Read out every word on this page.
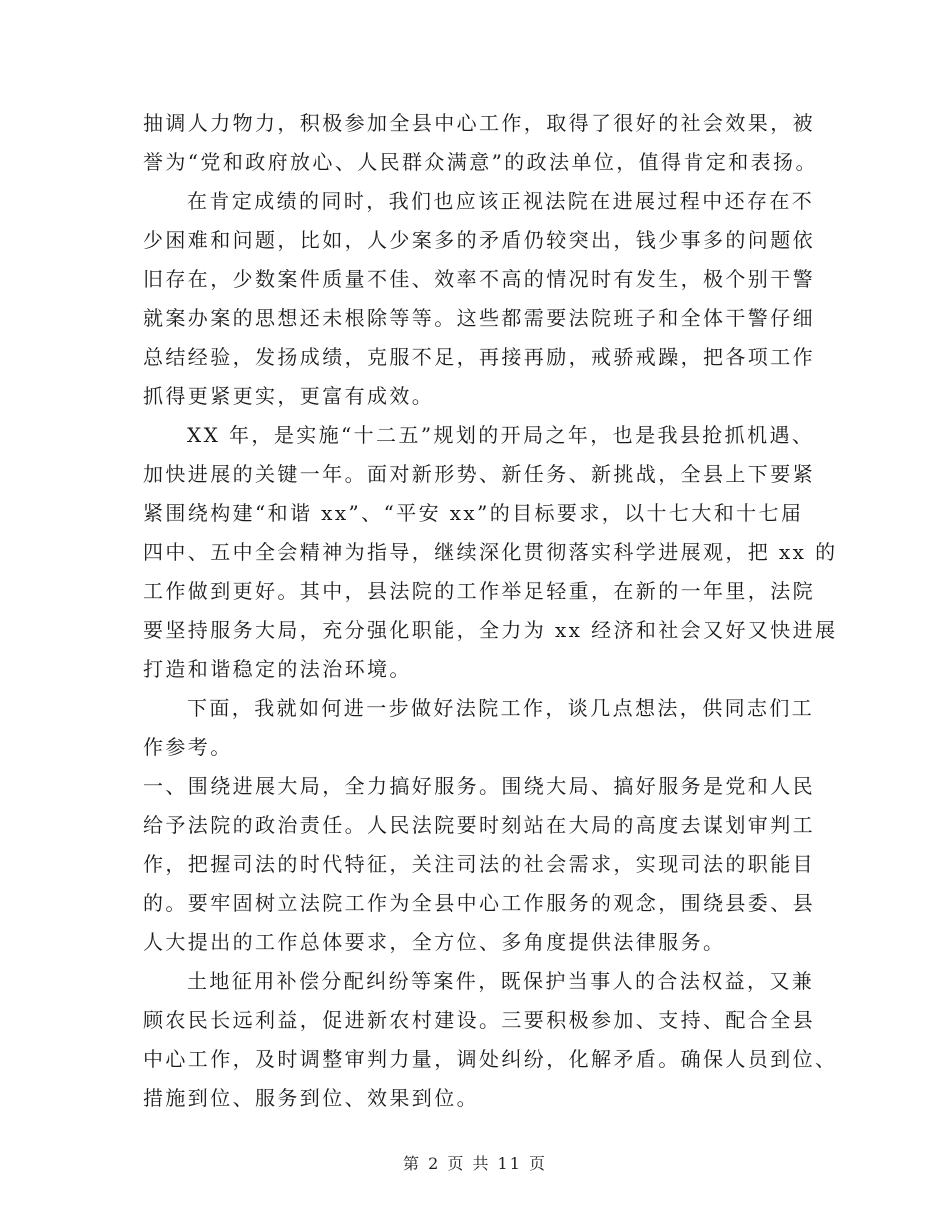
抽调人力物力，积极参加全县中心工作，取得了很好的社会效果，被
誉为“党和政府放心、人民群众满意”的政法单位，值得肯定和表扬。
在肯定成绩的同时，我们也应该正视法院在进展过程中还存在不
少困难和问题，比如，人少案多的矛盾仍较突出，钱少事多的问题依
旧存在，少数案件质量不佳、效率不高的情况时有发生，极个别干警
就案办案的思想还未根除等等。这些都需要法院班子和全体干警仔细
总结经验，发扬成绩，克服不足，再接再励，戒骄戒躁，把各项工作
抓得更紧更实，更富有成效。
XX 年，是实施“十二五”规划的开局之年，也是我县抢抓机遇、
加快进展的关键一年。面对新形势、新任务、新挑战，全县上下要紧
紧围绕构建“和谐 xx”、“平安 xx”的目标要求，以十七大和十七届
四中、五中全会精神为指导，继续深化贯彻落实科学进展观，把 xx 的
工作做到更好。其中，县法院的工作举足轻重，在新的一年里，法院
要坚持服务大局，充分强化职能，全力为 xx 经济和社会又好又快进展
打造和谐稳定的法治环境。
下面，我就如何进一步做好法院工作，谈几点想法，供同志们工
作参考。
一、围绕进展大局，全力搞好服务。围绕大局、搞好服务是党和人民
给予法院的政治责任。人民法院要时刻站在大局的高度去谋划审判工
作，把握司法的时代特征，关注司法的社会需求，实现司法的职能目
的。要牢固树立法院工作为全县中心工作服务的观念，围绕县委、县
人大提出的工作总体要求，全方位、多角度提供法律服务。
土地征用补偿分配纠纷等案件，既保护当事人的合法权益，又兼
顾农民长远利益，促进新农村建设。三要积极参加、支持、配合全县
中心工作，及时调整审判力量，调处纠纷，化解矛盾。确保人员到位、
措施到位、服务到位、效果到位。
第 2 页 共 11 页
